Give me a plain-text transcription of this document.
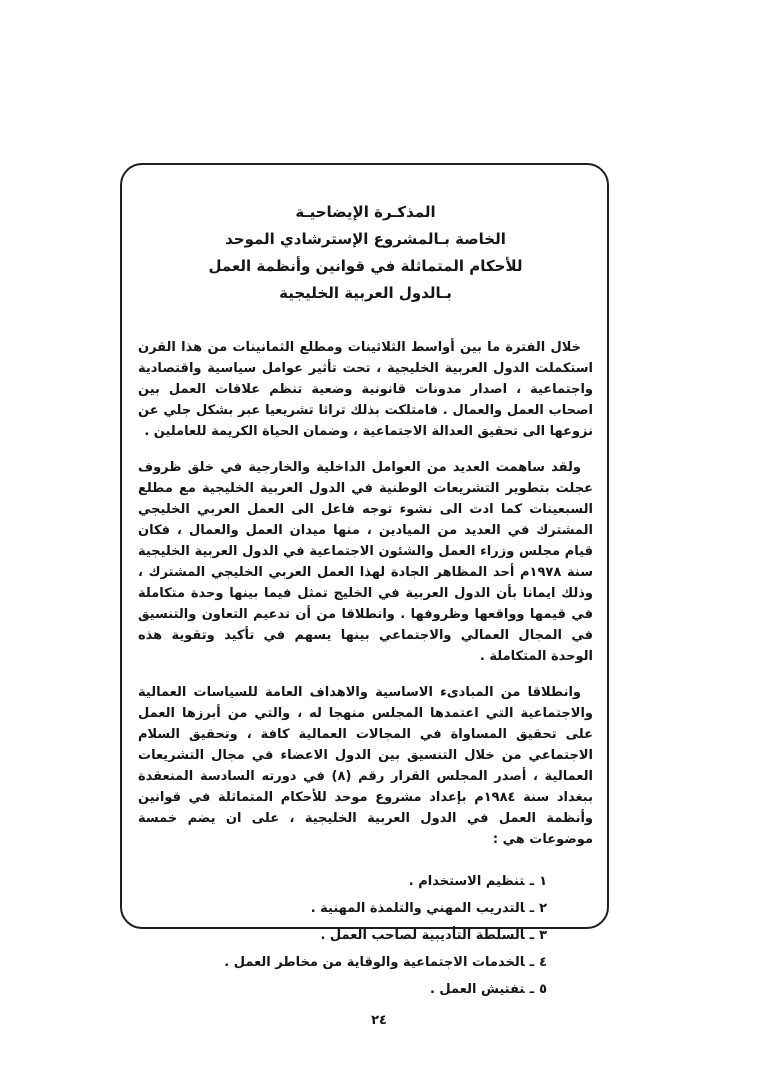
المذكـرة الإيضاحيـة
الخاصة بـالمشروع الإسترشادي الموحد
للأحكام المتماثلة في قوانين وأنظمة العمل
بـالدول العربية الخليجية

خلال الفترة ما بين أواسط الثلاثينات ومطلع الثمانينات من هذا القرن استكملت الدول العربية الخليجية ، تحت تأثير عوامل سياسية واقتصادية واجتماعية ، اصدار مدونات قانونية وضعية تنظم علاقات العمل بين اصحاب العمل والعمال . فامتلكت بذلك تراثا تشريعيا عبر بشكل جلي عن نزوعها الى تحقيق العدالة الاجتماعية ، وضمان الحياة الكريمة للعاملين .

ولقد ساهمت العديد من العوامل الداخلية والخارجية في خلق ظروف عجلت بتطوير التشريعات الوطنية في الدول العربية الخليجية مع مطلع السبعينات كما ادت الى نشوء توجه فاعل الى العمل العربي الخليجي المشترك في العديد من الميادين ، منها ميدان العمل والعمال ، فكان قيام مجلس وزراء العمل والشئون الاجتماعية في الدول العربية الخليجية سنة ١٩٧٨م أحد المظاهر الجادة لهذا العمل العربي الخليجي المشترك ، وذلك ايمانا بأن الدول العربية في الخليج تمثل فيما بينها وحدة متكاملة في قيمها وواقعها وظروفها . وانطلاقا من أن تدعيم التعاون والتنسيق في المجال العمالي والاجتماعي بينها يسهم في تأكيد وتقوية هذه الوحدة المتكاملة .

وانطلاقا من المبادىء الاساسية والاهداف العامة للسياسات العمالية والاجتماعية التي اعتمدها المجلس منهجا له ، والتي من أبرزها العمل على تحقيق المساواة في المجالات العمالية كافة ، وتحقيق السلام الاجتماعي من خلال التنسيق بين الدول الاعضاء في مجال التشريعات العمالية ، أصدر المجلس القرار رقم (٨) في دورته السادسة المنعقدة ببغداد سنة ١٩٨٤م بإعداد مشروع موحد للأحكام المتماثلة في قوانين وأنظمة العمل في الدول العربية الخليجية ، على ان يضم خمسة موضوعات هي :

١ـتنظيم الاستخدام .
٢ـالتدريب المهني والتلمذة المهنية .
٣ـالسلطة التأديبية لصاحب العمل .
٤ـالخدمات الاجتماعية والوقاية من مخاطر العمل .
٥ـتفتيش العمل .
٢٤
